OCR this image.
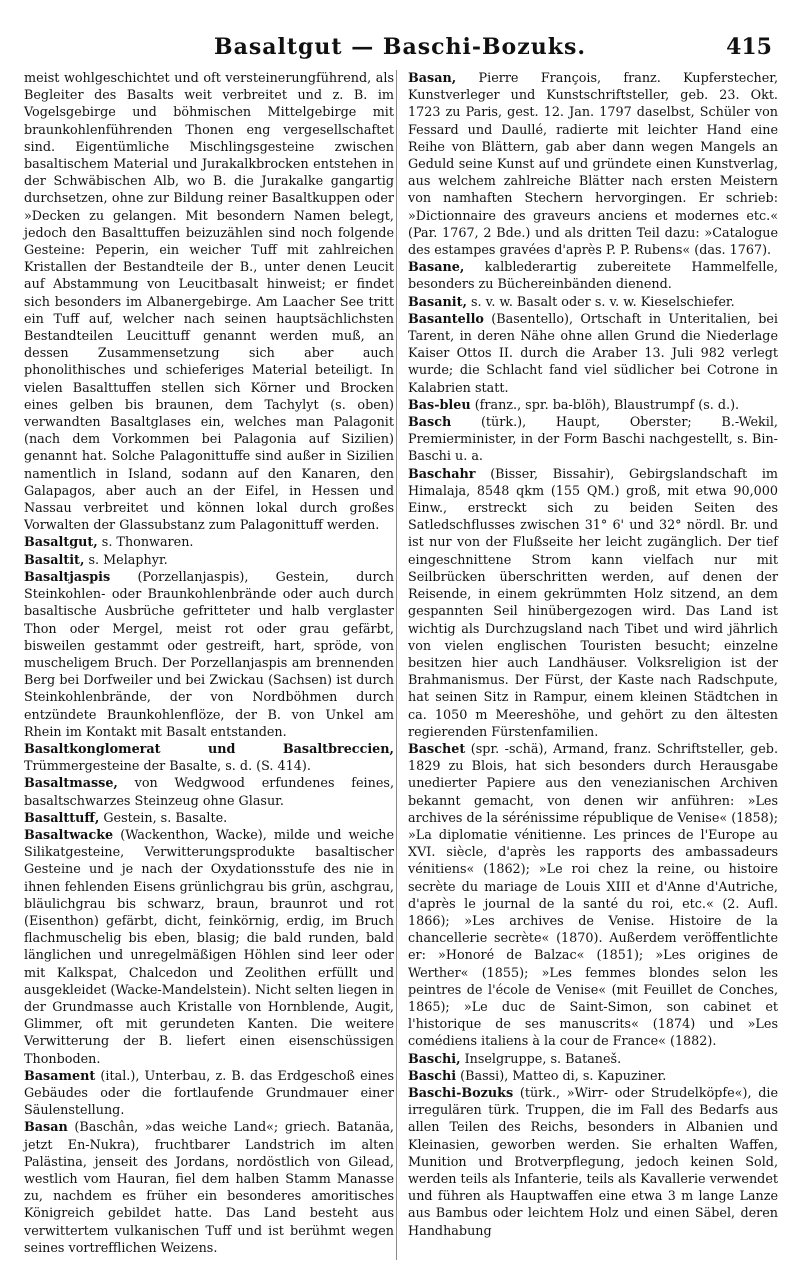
Basaltgut — Baschi-Bozuks.	415

meist wohlgeschichtet und oft versteinerungführend, als Begleiter des Basalts weit verbreitet und z. B. im Vogelsgebirge und böhmischen Mittelgebirge mit braunkohlenführenden Thonen eng vergesellschaftet sind. Eigentümliche Mischlingsgesteine zwischen basaltischem Material und Jurakalkbrocken entstehen in der Schwäbischen Alb, wo B. die Jurakalke gangartig durchsetzen, ohne zur Bildung reiner Basaltkuppen oder »Decken zu gelangen. Mit besondern Namen belegt, jedoch den Basalttuffen beizuzählen sind noch folgende Gesteine: Peperin, ein weicher Tuff mit zahlreichen Kristallen der Bestandteile der B., unter denen Leucit auf Abstammung von Leucitbasalt hinweist; er findet sich besonders im Albanergebirge. Am Laacher See tritt ein Tuff auf, welcher nach seinen hauptsächlichsten Bestandteilen Leucittuff genannt werden muß, an dessen Zusammensetzung sich aber auch phonolithisches und schieferiges Material beteiligt. In vielen Basalttuffen stellen sich Körner und Brocken eines gelben bis braunen, dem Tachylyt (s. oben) verwandten Basaltglases ein, welches man Palagonit (nach dem Vorkommen bei Palagonia auf Sizilien) genannt hat. Solche Palagonittuffe sind außer in Sizilien namentlich in Island, sodann auf den Kanaren, den Galapagos, aber auch an der Eifel, in Hessen und Nassau verbreitet und können lokal durch großes Vorwalten der Glassubstanz zum Palagonittuff werden.

Basaltgut, s. Thonwaren.

Basaltit, s. Melaphyr.

Basaltjaspis (Porzellanjaspis), Gestein, durch Steinkohlen- oder Braunkohlenbrände oder auch durch basaltische Ausbrüche gefritteter und halb verglaster Thon oder Mergel, meist rot oder grau gefärbt, bisweilen gestammt oder gestreift, hart, spröde, von muscheligem Bruch. Der Porzellanjaspis am brennenden Berg bei Dorfweiler und bei Zwickau (Sachsen) ist durch Steinkohlenbrände, der von Nordböhmen durch entzündete Braunkohlenflöze, der B. von Unkel am Rhein im Kontakt mit Basalt entstanden.

Basaltkonglomerat und Basaltbreccien, Trümmergesteine der Basalte, s. d. (S. 414).

Basaltmasse, von Wedgwood erfundenes feines, basaltschwarzes Steinzeug ohne Glasur.

Basalttuff, Gestein, s. Basalte.

Basaltwacke (Wackenthon, Wacke), milde und weiche Silikatgesteine, Verwitterungsprodukte basaltischer Gesteine und je nach der Oxydationsstufe des nie in ihnen fehlenden Eisens grünlichgrau bis grün, aschgrau, bläulichgrau bis schwarz, braun, braunrot und rot (Eisenthon) gefärbt, dicht, feinkörnig, erdig, im Bruch flachmuschelig bis eben, blasig; die bald runden, bald länglichen und unregelmäßigen Höhlen sind leer oder mit Kalkspat, Chalcedon und Zeolithen erfüllt und ausgekleidet (Wacke-Mandelstein). Nicht selten liegen in der Grundmasse auch Kristalle von Hornblende, Augit, Glimmer, oft mit gerundeten Kanten. Die weitere Verwitterung der B. liefert einen eisenschüssigen Thonboden.

Basament (ital.), Unterbau, z. B. das Erdgeschoß eines Gebäudes oder die fortlaufende Grundmauer einer Säulenstellung.

Basan (Baschân, »das weiche Land«; griech. Batanäa, jetzt En-Nukra), fruchtbarer Landstrich im alten Palästina, jenseit des Jordans, nordöstlich von Gilead, westlich vom Hauran, fiel dem halben Stamm Manasse zu, nachdem es früher ein besonderes amoritisches Königreich gebildet hatte. Das Land besteht aus verwittertem vulkanischen Tuff und ist berühmt wegen seines vortrefflichen Weizens.

Basan, Pierre François, franz. Kupferstecher, Kunstverleger und Kunstschriftsteller, geb. 23. Okt. 1723 zu Paris, gest. 12. Jan. 1797 daselbst, Schüler von Fessard und Daullé, radierte mit leichter Hand eine Reihe von Blättern, gab aber dann wegen Mangels an Geduld seine Kunst auf und gründete einen Kunstverlag, aus welchem zahlreiche Blätter nach ersten Meistern von namhaften Stechern hervorgingen. Er schrieb: »Dictionnaire des graveurs anciens et modernes etc.« (Par. 1767, 2 Bde.) und als dritten Teil dazu: »Catalogue des estampes gravées d'après P. P. Rubens« (das. 1767).

Basane, kalblederartig zubereitete Hammelfelle, besonders zu Büchereinbänden dienend.

Basanit, s. v. w. Basalt oder s. v. w. Kieselschiefer.

Basantello (Basentello), Ortschaft in Unteritalien, bei Tarent, in deren Nähe ohne allen Grund die Niederlage Kaiser Ottos II. durch die Araber 13. Juli 982 verlegt wurde; die Schlacht fand viel südlicher bei Cotrone in Kalabrien statt.

Bas-bleu (franz., spr. ba-blöh), Blaustrumpf (s. d.).

Basch (türk.), Haupt, Oberster; B.-Wekil, Premierminister, in der Form Baschi nachgestellt, s. Bin-Baschi u. a.

Baschahr (Bisser, Bissahir), Gebirgslandschaft im Himalaja, 8548 qkm (155 QM.) groß, mit etwa 90,000 Einw., erstreckt sich zu beiden Seiten des Satledschflusses zwischen 31° 6' und 32° nördl. Br. und ist nur von der Flußseite her leicht zugänglich. Der tief eingeschnittene Strom kann vielfach nur mit Seilbrücken überschritten werden, auf denen der Reisende, in einem gekrümmten Holz sitzend, an dem gespannten Seil hinübergezogen wird. Das Land ist wichtig als Durchzugsland nach Tibet und wird jährlich von vielen englischen Touristen besucht; einzelne besitzen hier auch Landhäuser. Volksreligion ist der Brahmanismus. Der Fürst, der Kaste nach Radschpute, hat seinen Sitz in Rampur, einem kleinen Städtchen in ca. 1050 m Meereshöhe, und gehört zu den ältesten regierenden Fürstenfamilien.

Baschet (spr. -schä), Armand, franz. Schriftsteller, geb. 1829 zu Blois, hat sich besonders durch Herausgabe unedierter Papiere aus den venezianischen Archiven bekannt gemacht, von denen wir anführen: »Les archives de la sérénissime république de Venise« (1858); »La diplomatie vénitienne. Les princes de l'Europe au XVI. siècle, d'après les rapports des ambassadeurs vénitiens« (1862); »Le roi chez la reine, ou histoire secrète du mariage de Louis XIII et d'Anne d'Autriche, d'après le journal de la santé du roi, etc.« (2. Aufl. 1866); »Les archives de Venise. Histoire de la chancellerie secrète« (1870). Außerdem veröffentlichte er: »Honoré de Balzac« (1851); »Les origines de Werther« (1855); »Les femmes blondes selon les peintres de l'école de Venise« (mit Feuillet de Conches, 1865); »Le duc de Saint-Simon, son cabinet et l'historique de ses manuscrits« (1874) und »Les comédiens italiens à la cour de France« (1882).

Baschi, Inselgruppe, s. Bataneš.

Baschi (Bassi), Matteo di, s. Kapuziner.

Baschi-Bozuks (türk., »Wirr- oder Strudelköpfe«), die irregulären türk. Truppen, die im Fall des Bedarfs aus allen Teilen des Reichs, besonders in Albanien und Kleinasien, geworben werden. Sie erhalten Waffen, Munition und Brotverpflegung, jedoch keinen Sold, werden teils als Infanterie, teils als Kavallerie verwendet und führen als Hauptwaffen eine etwa 3 m lange Lanze aus Bambus oder leichtem Holz und einen Säbel, deren Handhabung
